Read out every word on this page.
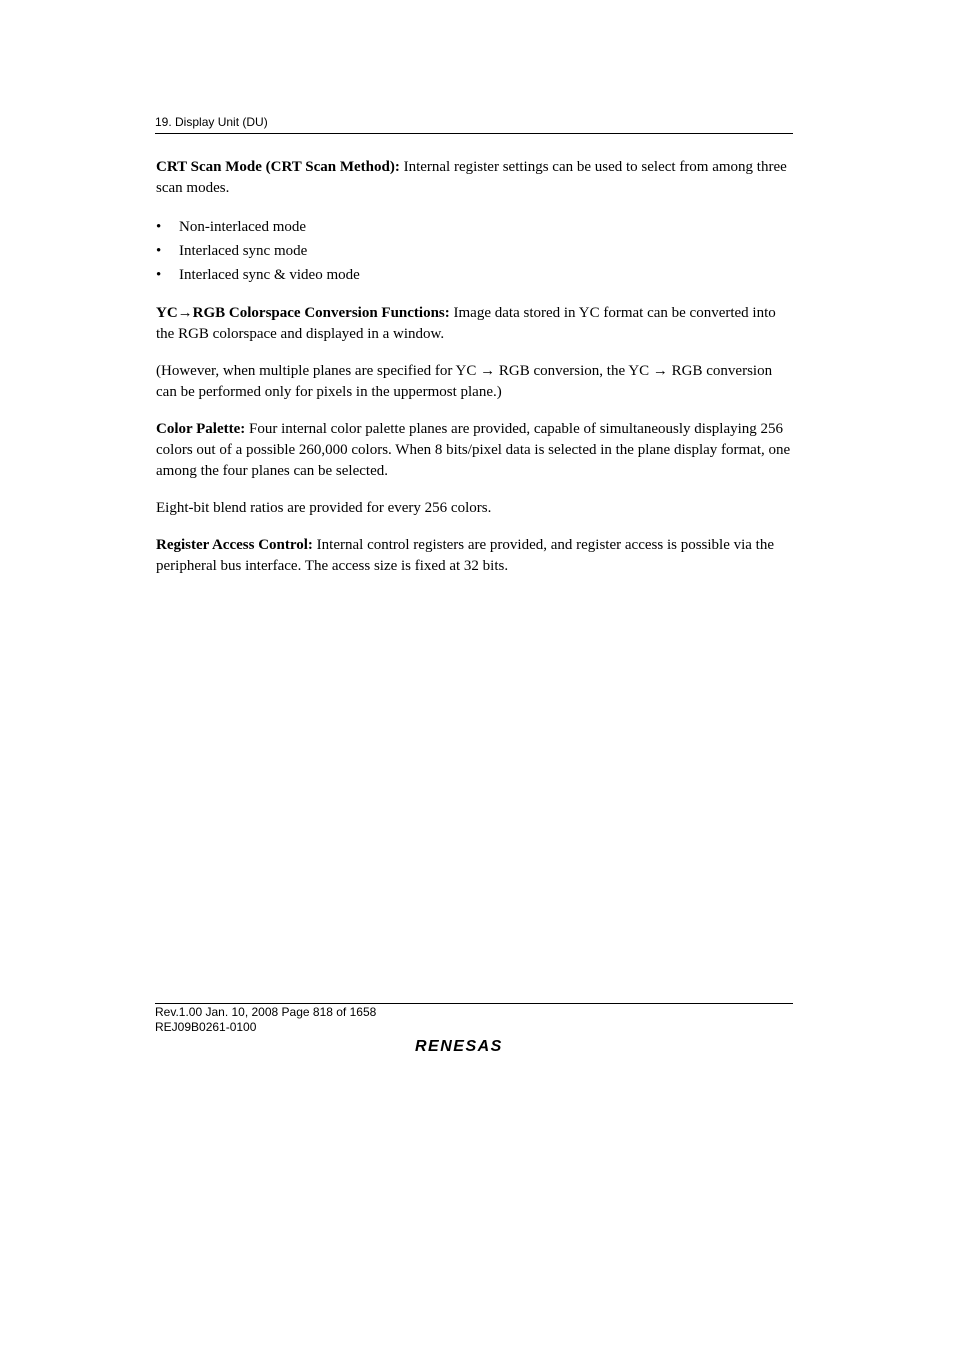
19. Display Unit (DU)

CRT Scan Mode (CRT Scan Method): Internal register settings can be used to select from among three scan modes.

• Non-interlaced mode
• Interlaced sync mode
• Interlaced sync & video mode

YC→RGB Colorspace Conversion Functions: Image data stored in YC format can be converted into the RGB colorspace and displayed in a window.

(However, when multiple planes are specified for YC → RGB conversion, the YC → RGB conversion can be performed only for pixels in the uppermost plane.)

Color Palette: Four internal color palette planes are provided, capable of simultaneously displaying 256 colors out of a possible 260,000 colors. When 8 bits/pixel data is selected in the plane display format, one among the four planes can be selected.

Eight-bit blend ratios are provided for every 256 colors.

Register Access Control: Internal control registers are provided, and register access is possible via the peripheral bus interface. The access size is fixed at 32 bits.

Rev.1.00 Jan. 10, 2008 Page 818 of 1658
REJ09B0261-0100
RENESAS
